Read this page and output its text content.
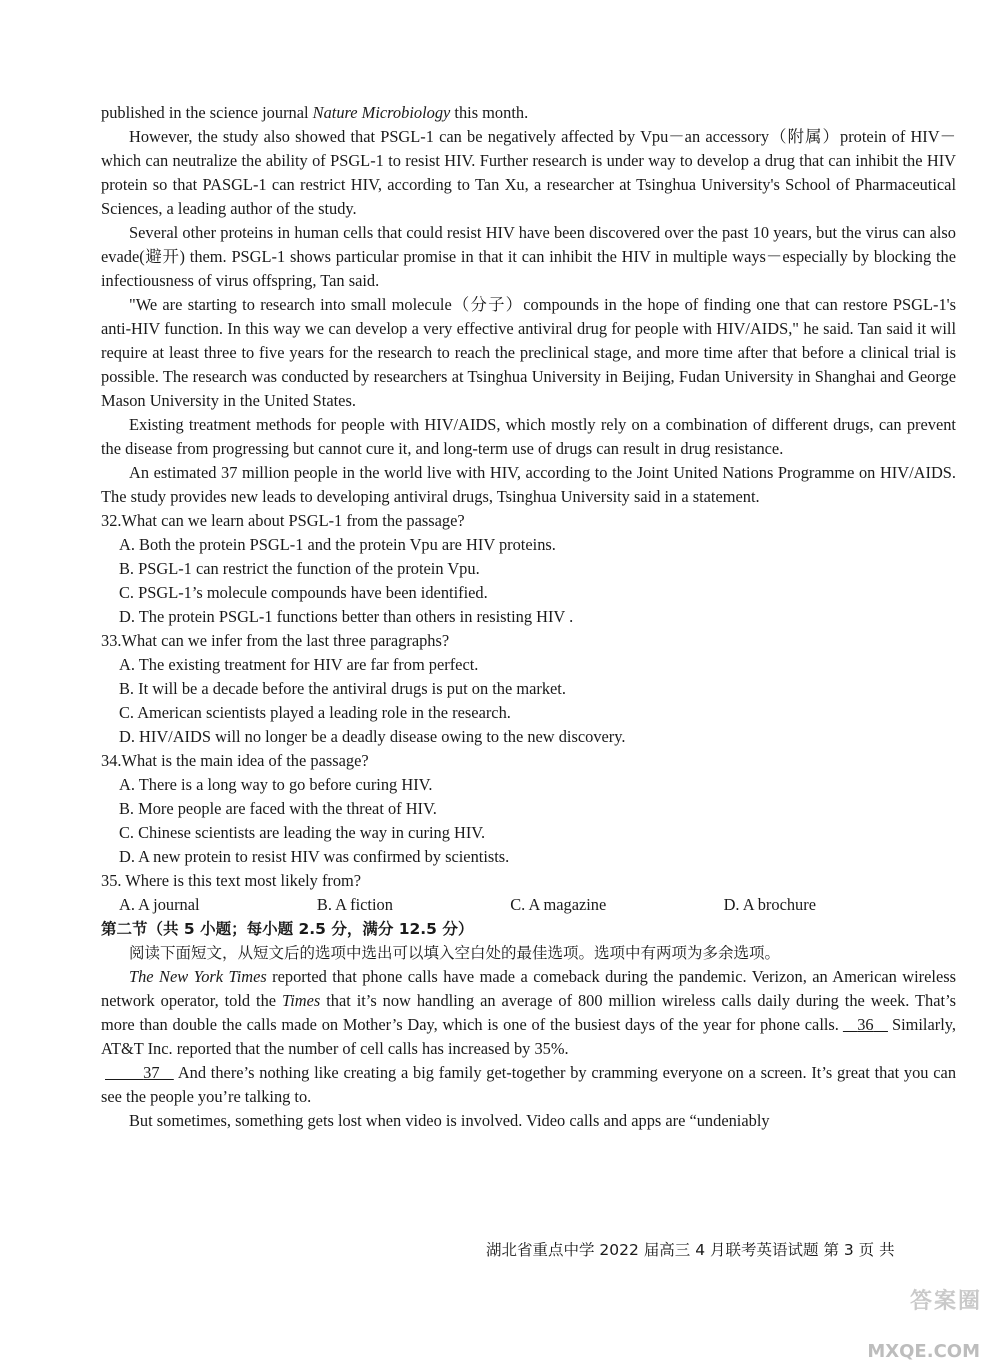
published in the science journal Nature Microbiology this month.

However, the study also showed that PSGL-1 can be negatively affected by Vpu－an accessory（附属）protein of HIV－which can neutralize the ability of PSGL-1 to resist HIV. Further research is under way to develop a drug that can inhibit the HIV protein so that PASGL-1 can restrict HIV, according to Tan Xu, a researcher at Tsinghua University's School of Pharmaceutical Sciences, a leading author of the study.

Several other proteins in human cells that could resist HIV have been discovered over the past 10 years, but the virus can also evade(避开) them. PSGL-1 shows particular promise in that it can inhibit the HIV in multiple ways－especially by blocking the infectiousness of virus offspring, Tan said.

"We are starting to research into small molecule（分子）compounds in the hope of finding one that can restore PSGL-1's anti-HIV function. In this way we can develop a very effective antiviral drug for people with HIV/AIDS," he said. Tan said it will require at least three to five years for the research to reach the preclinical stage, and more time after that before a clinical trial is possible. The research was conducted by researchers at Tsinghua University in Beijing, Fudan University in Shanghai and George Mason University in the United States.

Existing treatment methods for people with HIV/AIDS, which mostly rely on a combination of different drugs, can prevent the disease from progressing but cannot cure it, and long-term use of drugs can result in drug resistance.

An estimated 37 million people in the world live with HIV, according to the Joint United Nations Programme on HIV/AIDS. The study provides new leads to developing antiviral drugs, Tsinghua University said in a statement.

32.What can we learn about PSGL-1 from the passage?

A. Both the protein PSGL-1 and the protein Vpu are HIV proteins.
B. PSGL-1 can restrict the function of the protein Vpu.
C. PSGL-1’s molecule compounds have been identified.
D. The protein PSGL-1 functions better than others in resisting HIV .

33.What can we infer from the last three paragraphs?

A. The existing treatment for HIV are far from perfect.
B. It will be a decade before the antiviral drugs is put on the market.
C. American scientists played a leading role in the research.
D. HIV/AIDS will no longer be a deadly disease owing to the new discovery.

34.What is the main idea of the passage?

A. There is a long way to go before curing HIV.
B. More people are faced with the threat of HIV.
C. Chinese scientists are leading the way in curing HIV.
D. A new protein to resist HIV was confirmed by scientists.

35. Where is this text most likely from?

A. A journal	B. A fiction	C. A magazine	D. A brochure
第二节（共 5 小题；每小题 2.5 分，满分 12.5 分）

阅读下面短文，从短文后的选项中选出可以填入空白处的最佳选项。选项中有两项为多余选项。

The New York Times reported that phone calls have made a comeback during the pandemic. Verizon, an American wireless network operator, told the Times that it’s now handling an average of 800 million wireless calls daily during the week. That’s more than double the calls made on Mother’s Day, which is one of the busiest days of the year for phone calls. 36 Similarly, AT&T Inc. reported that the number of cell calls has increased by 35%.

37 And there’s nothing like creating a big family get-together by cramming everyone on a screen. It’s great that you can see the people you’re talking to.

But sometimes, something gets lost when video is involved. Video calls and apps are “undeniably

湖北省重点中学 2022 届高三 4 月联考英语试题 第 3 页 共
答案圈
MXQE.COM
